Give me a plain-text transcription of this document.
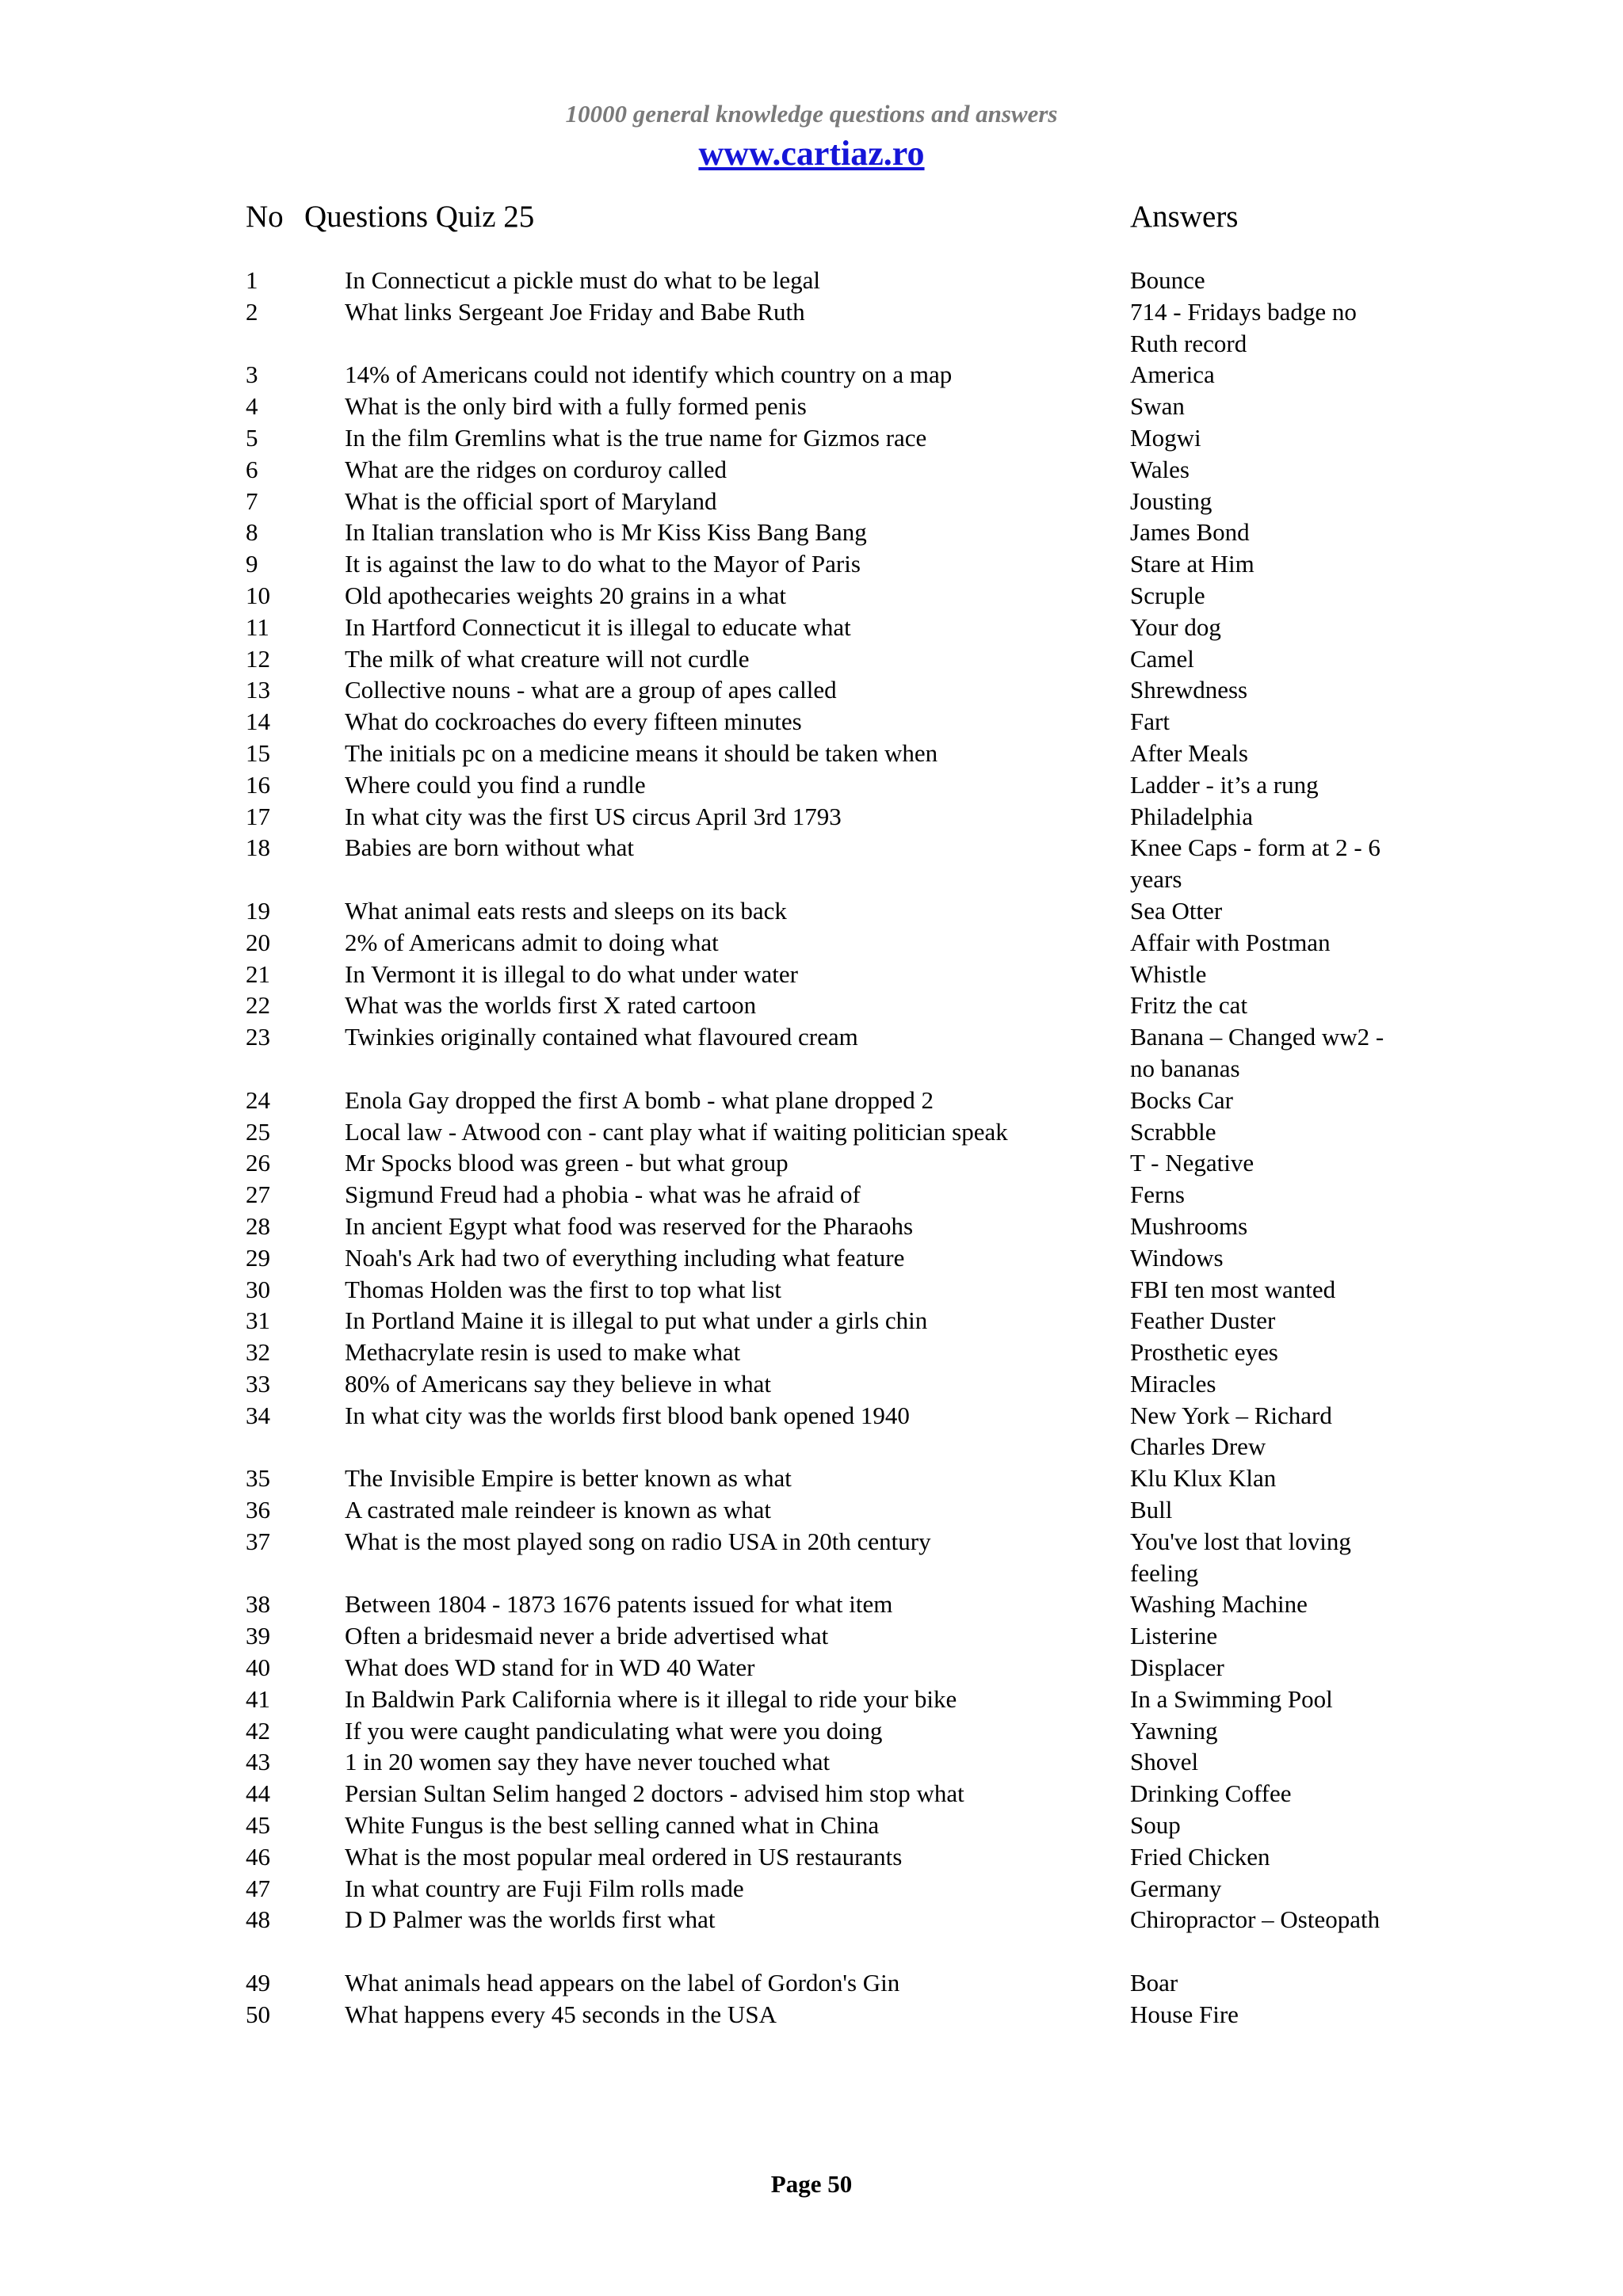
10000 general knowledge questions and answers
www.cartiaz.ro
No Questions Quiz 25	Answers
1	In Connecticut a pickle must do what to be legal	Bounce
2	What links Sergeant Joe Friday and Babe Ruth	714 - Fridays badge no Ruth record
3	14% of Americans could not identify which country on a map	America
4	What is the only bird with a fully formed penis	Swan
5	In the film Gremlins what is the true name for Gizmos race	Mogwi
6	What are the ridges on corduroy called	Wales
7	What is the official sport of Maryland	Jousting
8	In Italian translation who is Mr Kiss Kiss Bang Bang	James Bond
9	It is against the law to do what to the Mayor of Paris	Stare at Him
10	Old apothecaries weights 20 grains in a what	Scruple
11	In Hartford Connecticut it is illegal to educate what	Your dog
12	The milk of what creature will not curdle	Camel
13	Collective nouns - what are a group of apes called	Shrewdness
14	What do cockroaches do every fifteen minutes	Fart
15	The initials pc on a medicine means it should be taken when	After Meals
16	Where could you find a rundle	Ladder - it’s a rung
17	In what city was the first US circus April 3rd 1793	Philadelphia
18	Babies are born without what	Knee Caps - form at 2 - 6 years
19	What animal eats rests and sleeps on its back	Sea Otter
20	2% of Americans admit to doing what	Affair with Postman
21	In Vermont it is illegal to do what under water	Whistle
22	What was the worlds first X rated cartoon	Fritz the cat
23	Twinkies originally contained what flavoured cream	Banana – Changed ww2 - no bananas
24	Enola Gay dropped the first A bomb - what plane dropped 2	Bocks Car
25	Local law - Atwood con - cant play what if waiting politician speak	Scrabble
26	Mr Spocks blood was green - but what group	T - Negative
27	Sigmund Freud had a phobia - what was he afraid of	Ferns
28	In ancient Egypt what food was reserved for the Pharaohs	Mushrooms
29	Noah's Ark had two of everything including what feature	Windows
30	Thomas Holden was the first to top what list	FBI ten most wanted
31	In Portland Maine it is illegal to put what under a girls chin	Feather Duster
32	Methacrylate resin is used to make what	Prosthetic eyes
33	80% of Americans say they believe in what	Miracles
34	In what city was the worlds first blood bank opened 1940	New York – Richard Charles Drew
35	The Invisible Empire is better known as what	Klu Klux Klan
36	A castrated male reindeer is known as what	Bull
37	What is the most played song on radio USA in 20th century	You've lost that loving feeling
38	Between 1804 - 1873 1676 patents issued for what item	Washing Machine
39	Often a bridesmaid never a bride advertised what	Listerine
40	What does WD stand for in WD 40 Water	Displacer
41	In Baldwin Park California where is it illegal to ride your bike	In a Swimming Pool
42	If you were caught pandiculating what were you doing	Yawning
43	1 in 20 women say they have never touched what	Shovel
44	Persian Sultan Selim hanged 2 doctors - advised him stop what	Drinking Coffee
45	White Fungus is the best selling canned what in China	Soup
46	What is the most popular meal ordered in US restaurants	Fried Chicken
47	In what country are Fuji Film rolls made	Germany
48	D D Palmer was the worlds first what	Chiropractor – Osteopath
49	What animals head appears on the label of Gordon's Gin	Boar
50	What happens every 45 seconds in the USA	House Fire
Page 50
